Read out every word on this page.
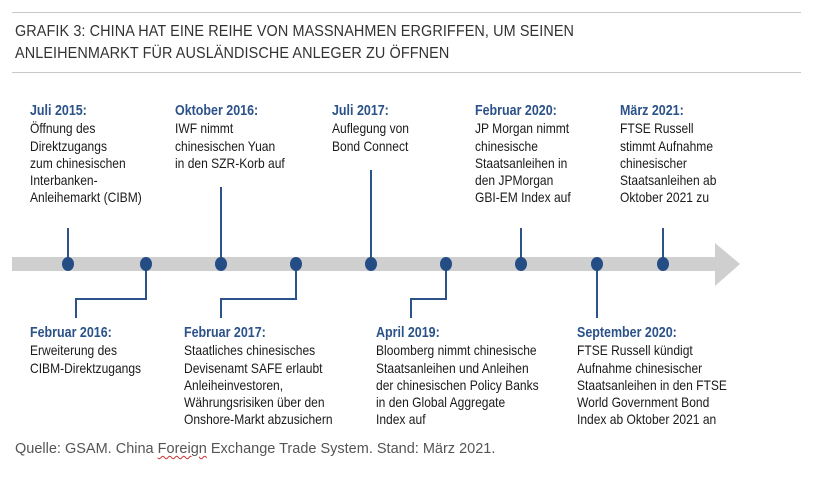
GRAFIK 3: CHINA HAT EINE REIHE VON MASSNAHMEN ERGRIFFEN, UM SEINEN
ANLEIHENMARKT FÜR AUSLÄNDISCHE ANLEGER ZU ÖFFNEN
Juli 2015:
Öffnung des
Direktzugangs
zum chinesischen
Interbanken-
Anleihemarkt (CIBM)
Oktober 2016:
IWF nimmt
chinesischen Yuan
in den SZR-Korb auf
Juli 2017:
Auflegung von
Bond Connect
Februar 2020:
JP Morgan nimmt
chinesische
Staatsanleihen in
den JPMorgan
GBI-EM Index auf
März 2021:
FTSE Russell
stimmt Aufnahme
chinesischer
Staatsanleihen ab
Oktober 2021 zu
Februar 2016:
Erweiterung des
CIBM-Direktzugangs
Februar 2017:
Staatliches chinesisches
Devisenamt SAFE erlaubt
Anleiheinvestoren,
Währungsrisiken über den
Onshore-Markt abzusichern
April 2019:
Bloomberg nimmt chinesische
Staatsanleihen und Anleihen
der chinesischen Policy Banks
in den Global Aggregate
Index auf
September 2020:
FTSE Russell kündigt
Aufnahme chinesischer
Staatsanleihen in den FTSE
World Government Bond
Index ab Oktober 2021 an
Quelle: GSAM. China Foreign Exchange Trade System. Stand: März 2021.
